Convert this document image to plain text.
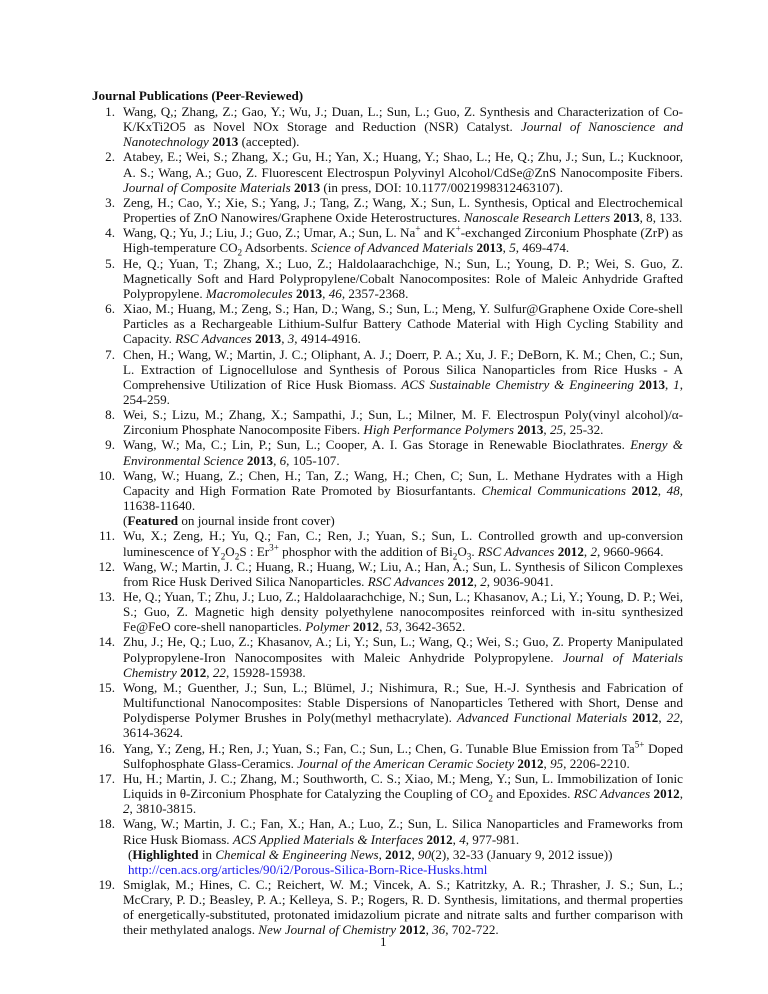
Journal Publications (Peer-Reviewed)
1. Wang, Q,; Zhang, Z.; Gao, Y.; Wu, J.; Duan, L.; Sun, L.; Guo, Z. Synthesis and Characterization of Co-K/KxTi2O5 as Novel NOx Storage and Reduction (NSR) Catalyst. Journal of Nanoscience and Nanotechnology 2013 (accepted).
2. Atabey, E.; Wei, S.; Zhang, X.; Gu, H.; Yan, X.; Huang, Y.; Shao, L.; He, Q.; Zhu, J.; Sun, L.; Kucknoor, A. S.; Wang, A.; Guo, Z. Fluorescent Electrospun Polyvinyl Alcohol/CdSe@ZnS Nanocomposite Fibers. Journal of Composite Materials 2013 (in press, DOI: 10.1177/0021998312463107).
3. Zeng, H.; Cao, Y.; Xie, S.; Yang, J.; Tang, Z.; Wang, X.; Sun, L. Synthesis, Optical and Electrochemical Properties of ZnO Nanowires/Graphene Oxide Heterostructures. Nanoscale Research Letters 2013, 8, 133.
4. Wang, Q.; Yu, J.; Liu, J.; Guo, Z.; Umar, A.; Sun, L. Na+ and K+-exchanged Zirconium Phosphate (ZrP) as High-temperature $CO_2$ Adsorbents. Science of Advanced Materials 2013, 5, 469-474.
5. He, Q.; Yuan, T.; Zhang, X.; Luo, Z.; Haldolaarachchige, N.; Sun, L.; Young, D. P.; Wei, S. Guo, Z. Magnetically Soft and Hard Polypropylene/Cobalt Nanocomposites: Role of Maleic Anhydride Grafted Polypropylene. Macromolecules 2013, 46, 2357-2368.
6. Xiao, M.; Huang, M.; Zeng, S.; Han, D.; Wang, S.; Sun, L.; Meng, Y. Sulfur@Graphene Oxide Core-shell Particles as a Rechargeable Lithium-Sulfur Battery Cathode Material with High Cycling Stability and Capacity. RSC Advances 2013, 3, 4914-4916.
7. Chen, H.; Wang, W.; Martin, J. C.; Oliphant, A. J.; Doerr, P. A.; Xu, J. F.; DeBorn, K. M.; Chen, C.; Sun, L. Extraction of Lignocellulose and Synthesis of Porous Silica Nanoparticles from Rice Husks - A Comprehensive Utilization of Rice Husk Biomass. ACS Sustainable Chemistry & Engineering 2013, 1, 254-259.
8. Wei, S.; Lizu, M.; Zhang, X.; Sampathi, J.; Sun, L.; Milner, M. F. Electrospun Poly(vinyl alcohol)/α-Zirconium Phosphate Nanocomposite Fibers. High Performance Polymers 2013, 25, 25-32.
9. Wang, W.; Ma, C.; Lin, P.; Sun, L.; Cooper, A. I. Gas Storage in Renewable Bioclathrates. Energy & Environmental Science 2013, 6, 105-107.
10. Wang, W.; Huang, Z.; Chen, H.; Tan, Z.; Wang, H.; Chen, C; Sun, L. Methane Hydrates with a High Capacity and High Formation Rate Promoted by Biosurfantants. Chemical Communications 2012, 48, 11638-11640.
(Featured on journal inside front cover)
11. Wu, X.; Zeng, H.; Yu, Q.; Fan, C.; Ren, J.; Yuan, S.; Sun, L. Controlled growth and up-conversion luminescence of $Y_2O_2S$ : $Er^{3+}$ phosphor with the addition of $Bi_2O_3$. RSC Advances 2012, 2, 9660-9664.
12. Wang, W.; Martin, J. C.; Huang, R.; Huang, W.; Liu, A.; Han, A.; Sun, L. Synthesis of Silicon Complexes from Rice Husk Derived Silica Nanoparticles. RSC Advances 2012, 2, 9036-9041.
13. He, Q.; Yuan, T.; Zhu, J.; Luo, Z.; Haldolaarachchige, N.; Sun, L.; Khasanov, A.; Li, Y.; Young, D. P.; Wei, S.; Guo, Z. Magnetic high density polyethylene nanocomposites reinforced with in-situ synthesized Fe@FeO core-shell nanoparticles. Polymer 2012, 53, 3642-3652.
14. Zhu, J.; He, Q.; Luo, Z.; Khasanov, A.; Li, Y.; Sun, L.; Wang, Q.; Wei, S.; Guo, Z. Property Manipulated Polypropylene-Iron Nanocomposites with Maleic Anhydride Polypropylene. Journal of Materials Chemistry 2012, 22, 15928-15938.
15. Wong, M.; Guenther, J.; Sun, L.; Blümel, J.; Nishimura, R.; Sue, H.-J. Synthesis and Fabrication of Multifunctional Nanocomposites: Stable Dispersions of Nanoparticles Tethered with Short, Dense and Polydisperse Polymer Brushes in Poly(methyl methacrylate). Advanced Functional Materials 2012, 22, 3614-3624.
16. Yang, Y.; Zeng, H.; Ren, J.; Yuan, S.; Fan, C.; Sun, L.; Chen, G. Tunable Blue Emission from $Ta^{5+}$ Doped Sulfophosphate Glass-Ceramics. Journal of the American Ceramic Society 2012, 95, 2206-2210.
17. Hu, H.; Martin, J. C.; Zhang, M.; Southworth, C. S.; Xiao, M.; Meng, Y.; Sun, L. Immobilization of Ionic Liquids in θ-Zirconium Phosphate for Catalyzing the Coupling of $CO_2$ and Epoxides. RSC Advances 2012, 2, 3810-3815.
18. Wang, W.; Martin, J. C.; Fan, X.; Han, A.; Luo, Z.; Sun, L. Silica Nanoparticles and Frameworks from Rice Husk Biomass. ACS Applied Materials & Interfaces 2012, 4, 977-981.
(Highlighted in Chemical & Engineering News, 2012, 90(2), 32-33 (January 9, 2012 issue))
http://cen.acs.org/articles/90/i2/Porous-Silica-Born-Rice-Husks.html
19. Smiglak, M.; Hines, C. C.; Reichert, W. M.; Vincek, A. S.; Katritzky, A. R.; Thrasher, J. S.; Sun, L.; McCrary, P. D.; Beasley, P. A.; Kelleya, S. P.; Rogers, R. D. Synthesis, limitations, and thermal properties of energetically-substituted, protonated imidazolium picrate and nitrate salts and further comparison with their methylated analogs. New Journal of Chemistry 2012, 36, 702-722.
1
